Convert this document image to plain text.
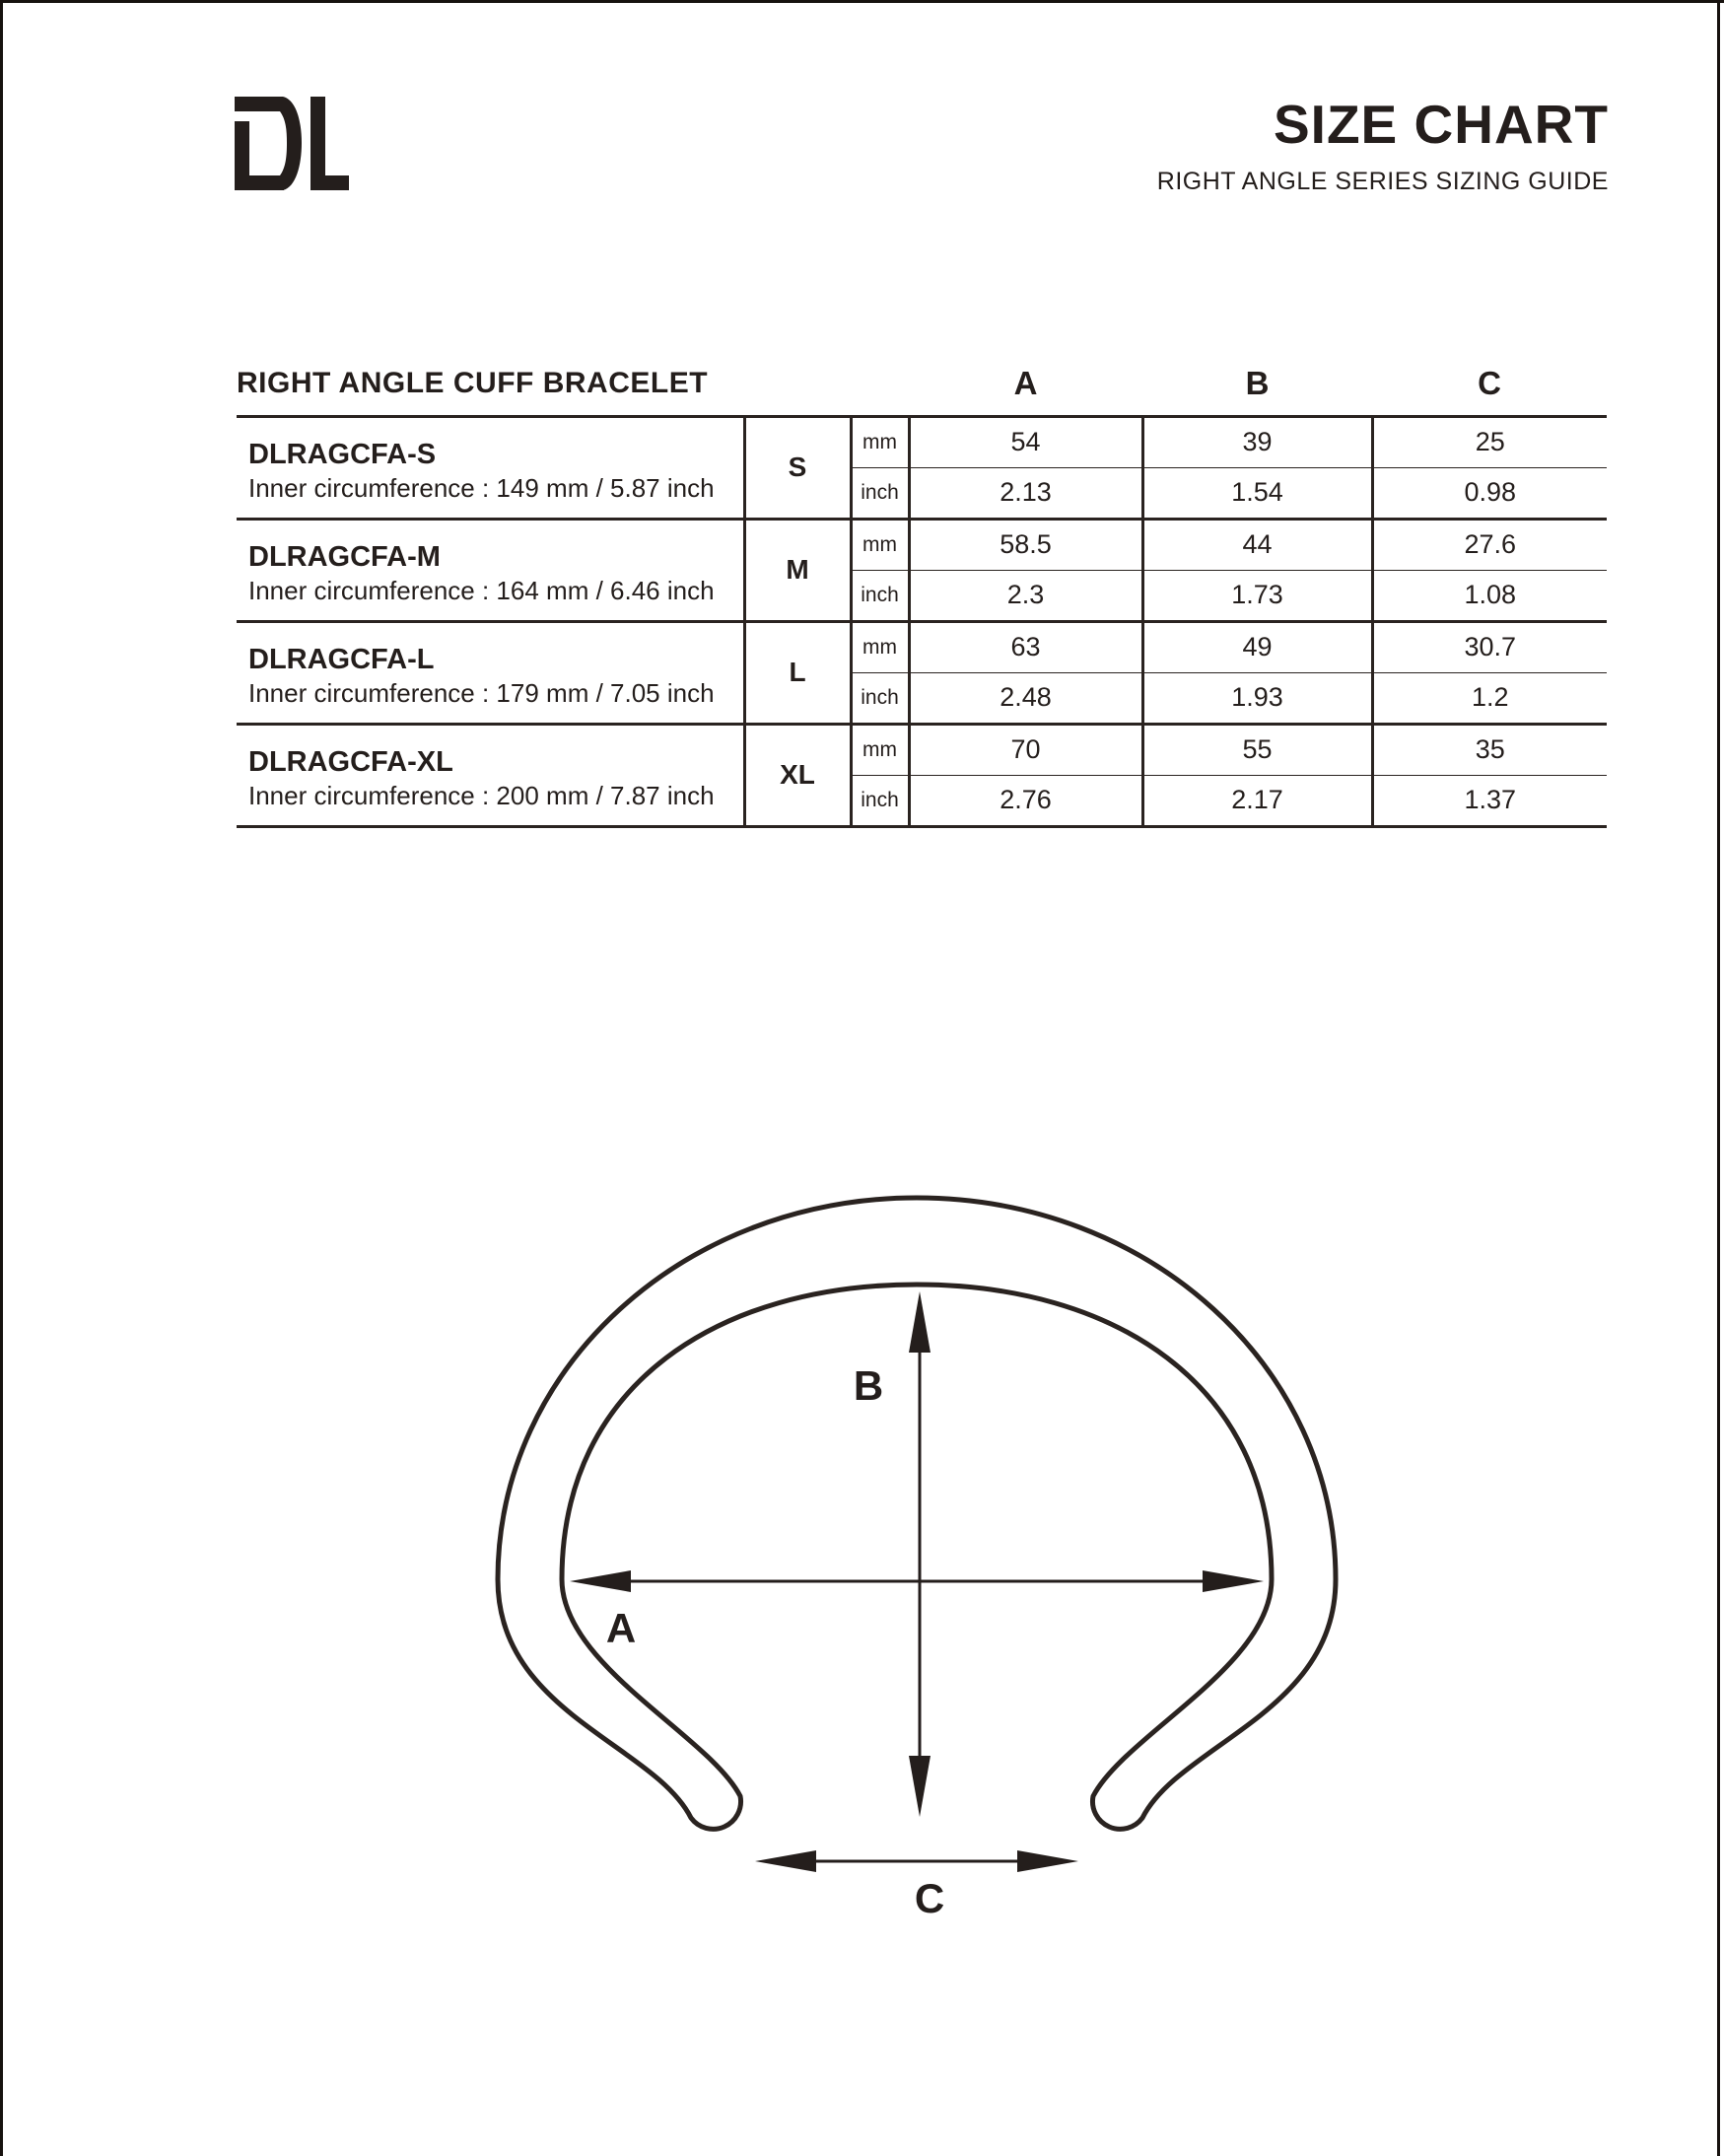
SIZE CHART
RIGHT ANGLE SERIES SIZING GUIDE
RIGHT ANGLE CUFF BRACELET			A	B	C

DLRAGCFA-S
Inner circumference : 149 mm / 5.87 inch	S	mm	54	39	25
		inch	2.13	1.54	0.98

DLRAGCFA-M
Inner circumference : 164 mm / 6.46 inch	M	mm	58.5	44	27.6
		inch	2.3	1.73	1.08

DLRAGCFA-L
Inner circumference : 179 mm / 7.05 inch	L	mm	63	49	30.7
		inch	2.48	1.93	1.2

DLRAGCFA-XL
Inner circumference : 200 mm / 7.87 inch	XL	mm	70	55	35
		inch	2.76	2.17	1.37
A
B
C
